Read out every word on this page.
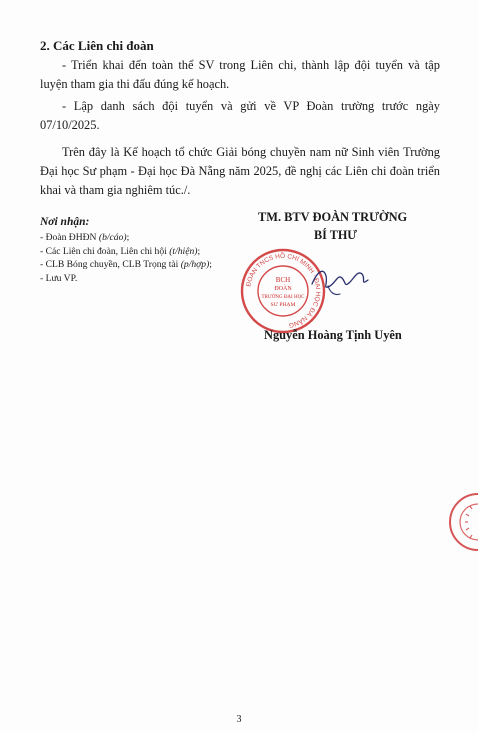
2. Các Liên chi đoàn

- Triển khai đến toàn thể SV trong Liên chi, thành lập đội tuyển và tập luyện tham gia thi đấu đúng kế hoạch.

- Lập danh sách đội tuyển và gửi về VP Đoàn trường trước ngày 07/10/2025.

Trên đây là Kế hoạch tổ chức Giải bóng chuyền nam nữ Sinh viên Trường Đại học Sư phạm - Đại học Đà Nẵng năm 2025, đề nghị các Liên chi đoàn triển khai và tham gia nghiêm túc./.

Nơi nhận:
- Đoàn ĐHĐN (b/cáo);
- Các Liên chi đoàn, Liên chi hội (t/hiện);
- CLB Bóng chuyền, CLB Trọng tài (p/hợp);
- Lưu VP.
TM. BTV ĐOÀN TRƯỜNG
BÍ THƯ
ĐOÀN TNCS HỒ CHÍ MINH · ĐẠI HỌC ĐÀ NẴNG
BCH
ĐOÀN
TRƯỜNG ĐẠI HỌC
SƯ PHẠM
Nguyễn Hoàng Tịnh Uyên
3
